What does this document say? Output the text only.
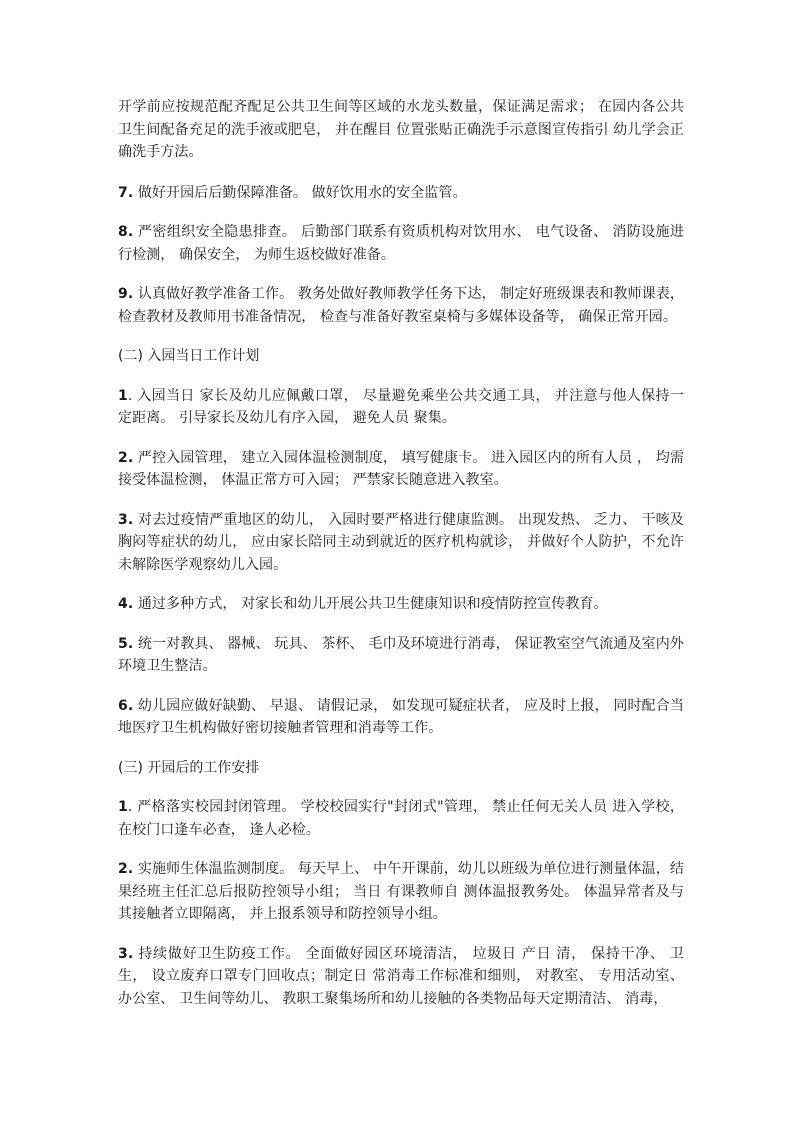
开学前应按规范配齐配足公共卫生间等区域的水龙头数量，保证满足需求； 在园内各公共卫生间配备充足的洗手液或肥皂， 并在醒目 位置张贴正确洗手示意图宣传指引 幼儿学会正确洗手方法。

7. 做好开园后后勤保障准备。 做好饮用水的安全监管。

8. 严密组织安全隐患排查。 后勤部门联系有资质机构对饮用水、 电气设备、 消防设施进行检测， 确保安全， 为师生返校做好准备。

9. 认真做好教学准备工作。 教务处做好教师教学任务下达， 制定好班级课表和教师课表，检查教材及教师用书准备情况， 检查与准备好教室桌椅与多媒体设备等， 确保正常开园。

(二) 入园当日工作计划

1. 入园当日 家长及幼儿应佩戴口罩， 尽量避免乘坐公共交通工具， 并注意与他人保持一定距离。 引导家长及幼儿有序入园， 避免人员 聚集。

2. 严控入园管理， 建立入园体温检测制度， 填写健康卡。 进入园区内的所有人员 ， 均需接受体温检测， 体温正常方可入园； 严禁家长随意进入教室。

3. 对去过疫情严重地区的幼儿， 入园时要严格进行健康监测。 出现发热、 乏力、 干咳及胸闷等症状的幼儿， 应由家长陪同主动到就近的医疗机构就诊， 并做好个人防护，不允许未解除医学观察幼儿入园。

4. 通过多种方式， 对家长和幼儿开展公共卫生健康知识和疫情防控宣传教育。

5. 统一对教具、 器械、 玩具、 茶杯、 毛巾及环境进行消毒， 保证教室空气流通及室内外环境卫生整洁。

6. 幼儿园应做好缺勤、 早退、 请假记录， 如发现可疑症状者， 应及时上报， 同时配合当地医疗卫生机构做好密切接触者管理和消毒等工作。

(三) 开园后的工作安排

1. 严格落实校园封闭管理。 学校校园实行"封闭式"管理， 禁止任何无关人员 进入学校，在校门口逢车必查， 逢人必检。

2. 实施师生体温监测制度。 每天早上、 中午开课前，幼儿以班级为单位进行测量体温，结果经班主任汇总后报防控领导小组； 当日 有课教师自 测体温报教务处。 体温异常者及与其接触者立即隔离， 并上报系领导和防控领导小组。

3. 持续做好卫生防疫工作。 全面做好园区环境清洁， 垃圾日 产日 清， 保持干净、 卫生， 设立废弃口罩专门回收点；制定日 常消毒工作标准和细则， 对教室、 专用活动室、办公室、 卫生间等幼儿、 教职工聚集场所和幼儿接触的各类物品每天定期清洁、 消毒，
